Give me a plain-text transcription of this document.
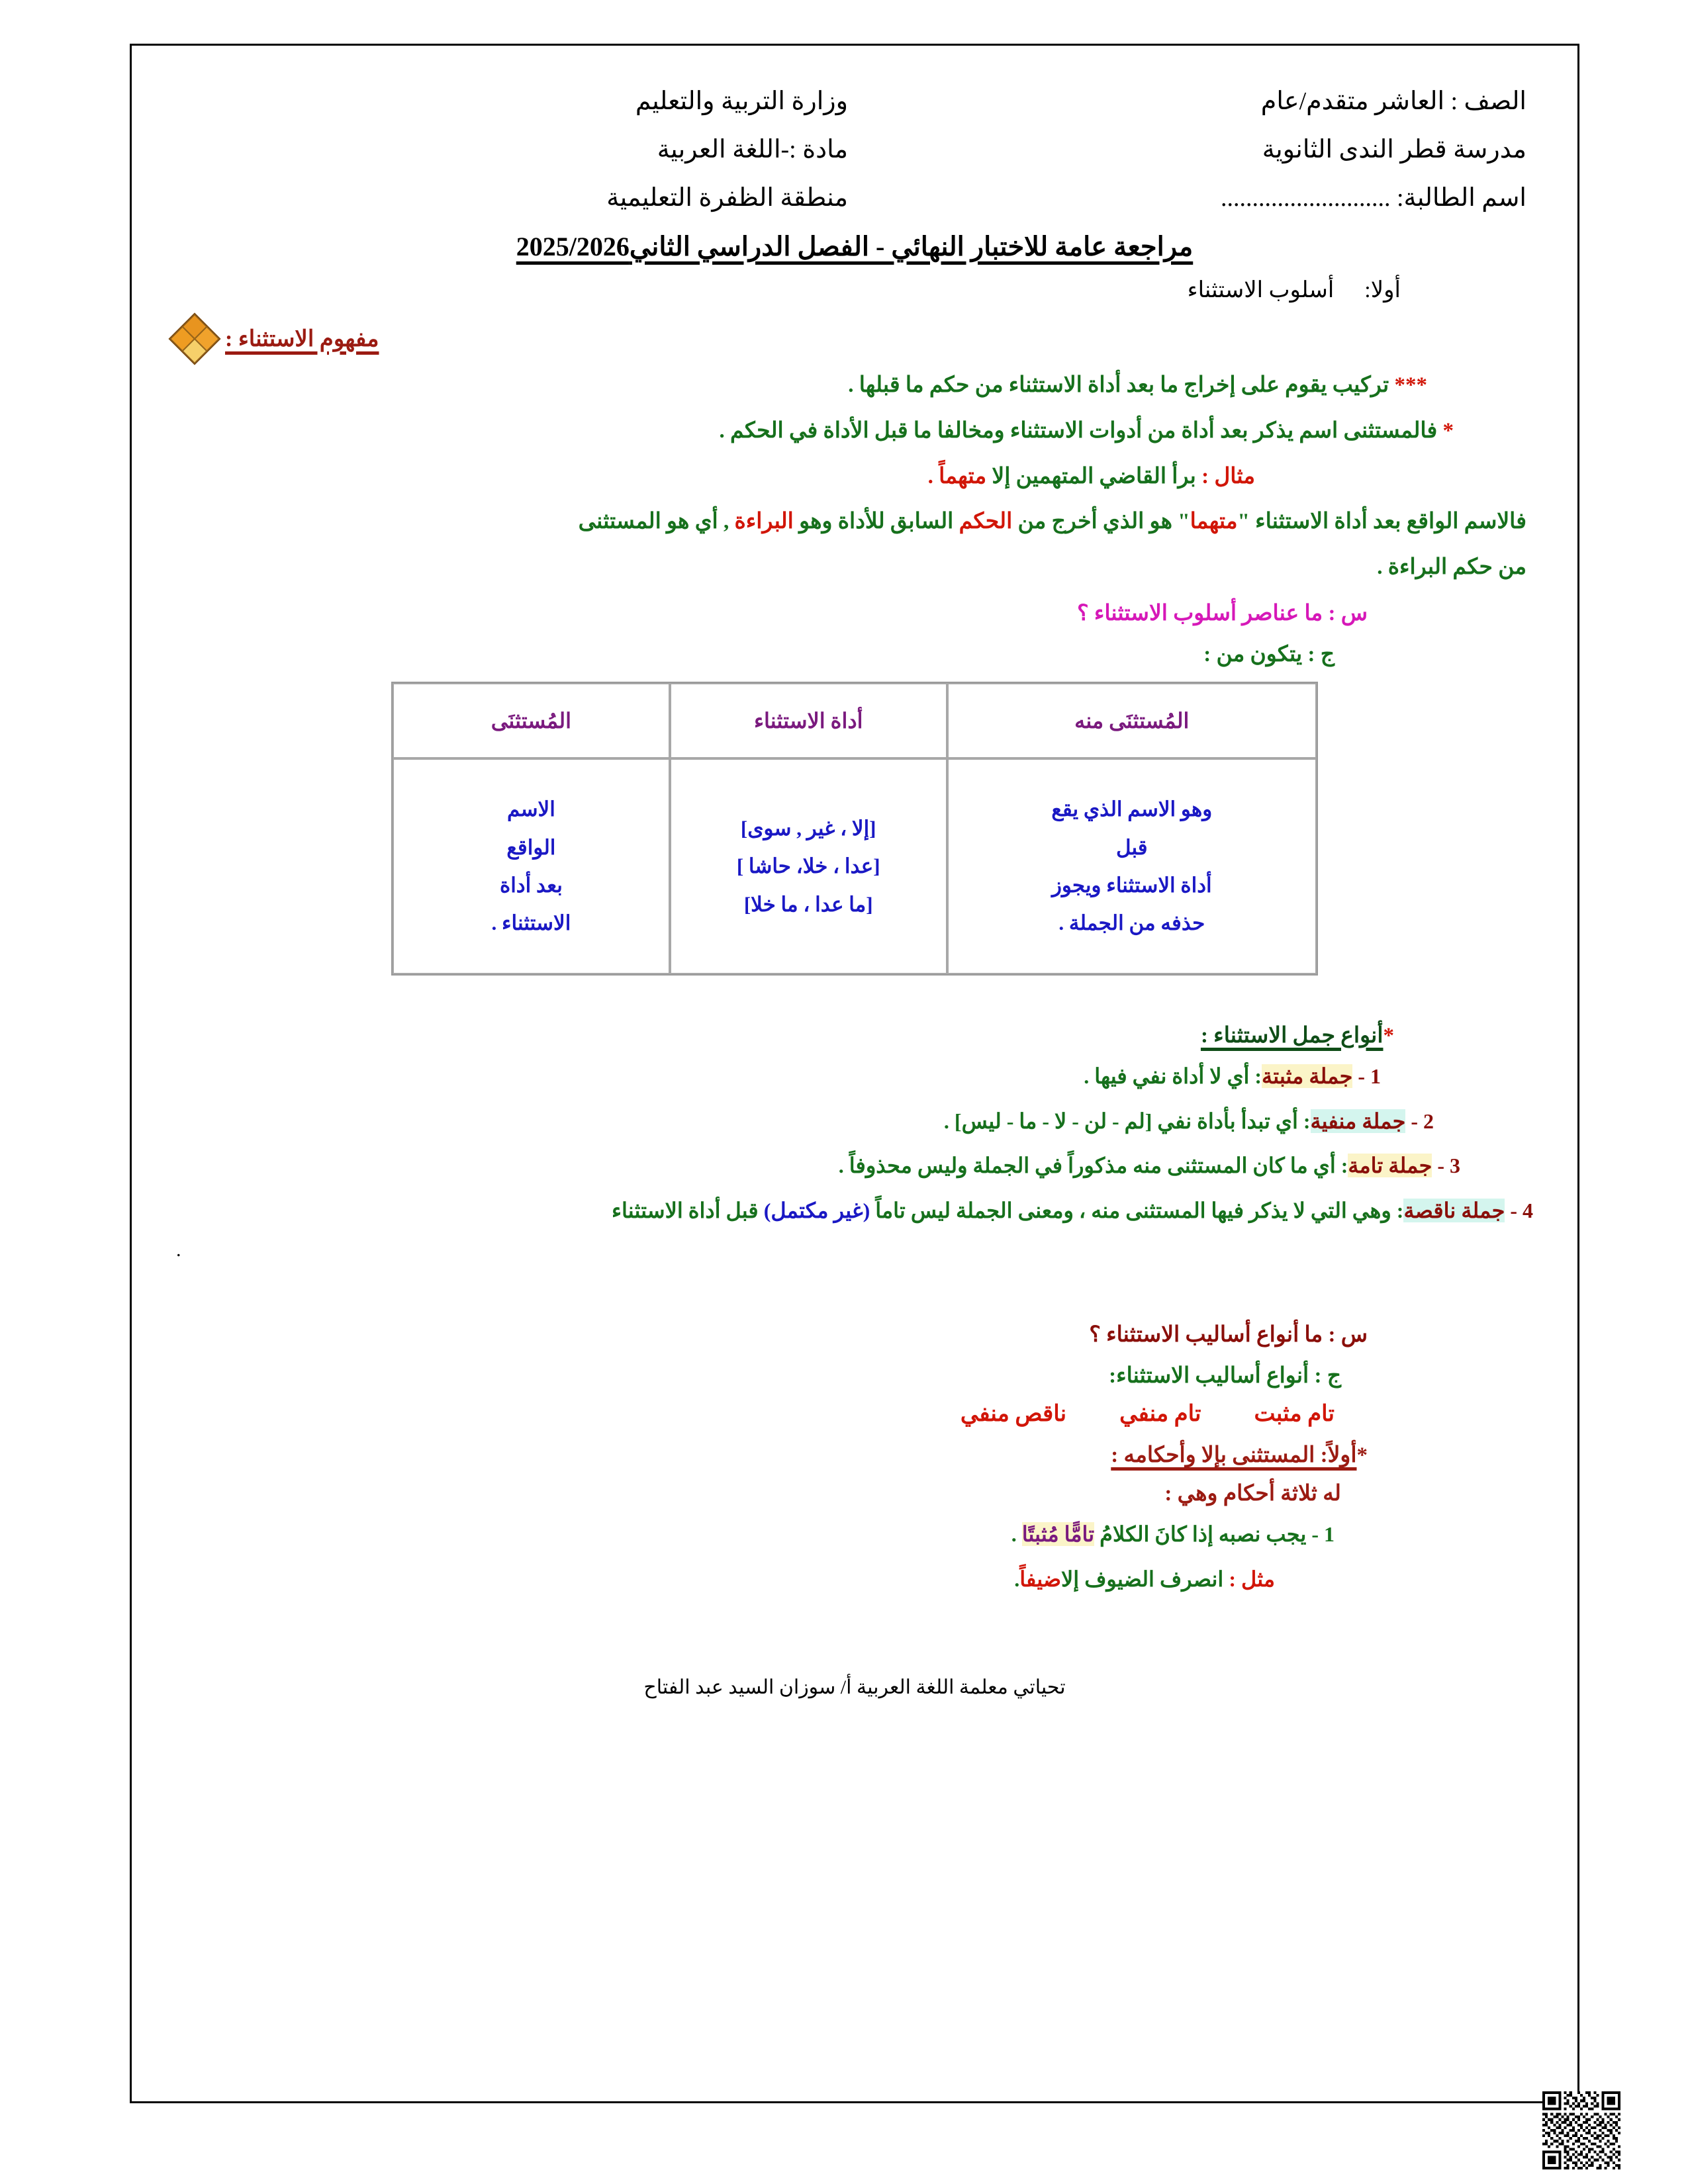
الصف : العاشر متقدم/عام	وزارة التربية والتعليم
مدرسة قطر الندى الثانوية	مادة :-اللغة العربية
اسم الطالبة: ...........................	منطقة الظفرة التعليمية
مراجعة عامة للاختبار النهائي - الفصل الدراسي الثاني2025/2026
أولا:أسلوب الاستثناء
مفهوم الاستثناء :
*** تركيب يقوم على إخراج ما بعد أداة الاستثناء من حكم ما قبلها .
* فالمستثنى اسم يذكر بعد أداة من أدوات الاستثناء ومخالفا ما قبل الأداة في الحكم .
مثال : برأ القاضي المتهمين إلا متهماً .
فالاسم الواقع بعد أداة الاستثناء "متهما" هو الذي أخرج من الحكم السابق للأداة وهو البراءة , أي هو المستثنى
من حكم البراءة .
س : ما عناصر أسلوب الاستثناء ؟
ج : يتكون من :
المُستثنَى منه	أداة الاستثناء	المُستثنَى

وهو الاسم الذي يقع
قبل
أداة الاستثناء ويجوز
حذفه من الجملة .

[إلا ، غير , سوى]
[عدا ، خلا، حاشا ]
[ما عدا ، ما خلا]

الاسم
الواقع
بعد أداة
الاستثناء .
*أنواع جمل الاستثناء :
1 - جملة مثبتة: أي لا أداة نفي فيها .
2 - جملة منفية: أي تبدأ بأداة نفي [لم - لن - لا - ما - ليس] .
3 - جملة تامة: أي ما كان المستثنى منه مذكوراً في الجملة وليس محذوفاً .
4 - جملة ناقصة: وهي التي لا يذكر فيها المستثنى منه ، ومعنى الجملة ليس تاماً (غير مكتمل) قبل أداة الاستثناء
.
س : ما أنواع أساليب الاستثناء ؟
ج : أنواع أساليب الاستثناء:
تام مثبتتام منفيناقص منفي
*أولاً: المستثنى بإلا وأحكامه :
له ثلاثة أحكام وهي :
1 - يجب نصبه إذا كانَ الكلامُ تامًّا مُثبتًا .
مثل : انصرف الضيوف إلاضيفاً.
تحياتي معلمة اللغة العربية أ/ سوزان السيد عبد الفتاح
